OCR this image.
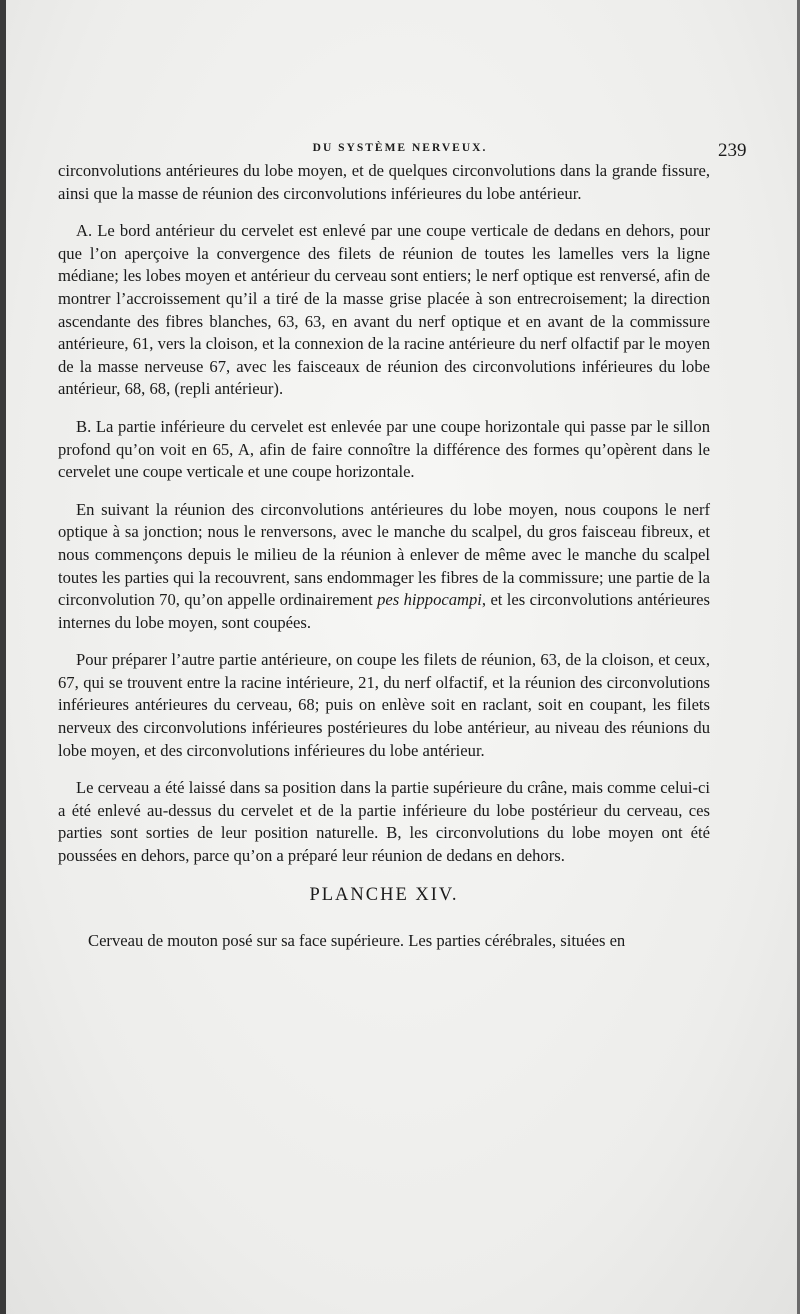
DU SYSTÈME NERVEUX.	239

circonvolutions antérieures du lobe moyen, et de quelques circonvolutions dans la grande fissure, ainsi que la masse de réunion des circonvolutions inférieures du lobe antérieur.

A. Le bord antérieur du cervelet est enlevé par une coupe verticale de dedans en dehors, pour que l’on aperçoive la convergence des filets de réunion de toutes les lamelles vers la ligne médiane; les lobes moyen et antérieur du cerveau sont entiers; le nerf optique est renversé, afin de montrer l’accroissement qu’il a tiré de la masse grise placée à son entrecroisement; la direction ascendante des fibres blanches, 63, 63, en avant du nerf optique et en avant de la commissure antérieure, 61, vers la cloison, et la connexion de la racine antérieure du nerf olfactif par le moyen de la masse nerveuse 67, avec les faisceaux de réunion des circonvolutions inférieures du lobe antérieur, 68, 68, (repli antérieur).

B. La partie inférieure du cervelet est enlevée par une coupe horizontale qui passe par le sillon profond qu’on voit en 65, A, afin de faire connoître la différence des formes qu’opèrent dans le cervelet une coupe verticale et une coupe horizontale.

En suivant la réunion des circonvolutions antérieures du lobe moyen, nous coupons le nerf optique à sa jonction; nous le renversons, avec le manche du scalpel, du gros faisceau fibreux, et nous commençons depuis le milieu de la réunion à enlever de même avec le manche du scalpel toutes les parties qui la recouvrent, sans endommager les fibres de la commissure; une partie de la circonvolution 70, qu’on appelle ordinairement pes hippocampi, et les circonvolutions antérieures internes du lobe moyen, sont coupées.

Pour préparer l’autre partie antérieure, on coupe les filets de réunion, 63, de la cloison, et ceux, 67, qui se trouvent entre la racine intérieure, 21, du nerf olfactif, et la réunion des circonvolutions inférieures antérieures du cerveau, 68; puis on enlève soit en raclant, soit en coupant, les filets nerveux des circonvolutions inférieures postérieures du lobe antérieur, au niveau des réunions du lobe moyen, et des circonvolutions inférieures du lobe antérieur.

Le cerveau a été laissé dans sa position dans la partie supérieure du crâne, mais comme celui-ci a été enlevé au-dessus du cervelet et de la partie inférieure du lobe postérieur du cerveau, ces parties sont sorties de leur position naturelle. B, les circonvolutions du lobe moyen ont été poussées en dehors, parce qu’on a préparé leur réunion de dedans en dehors.

PLANCHE XIV.

Cerveau de mouton posé sur sa face supérieure. Les parties cérébrales, situées en
